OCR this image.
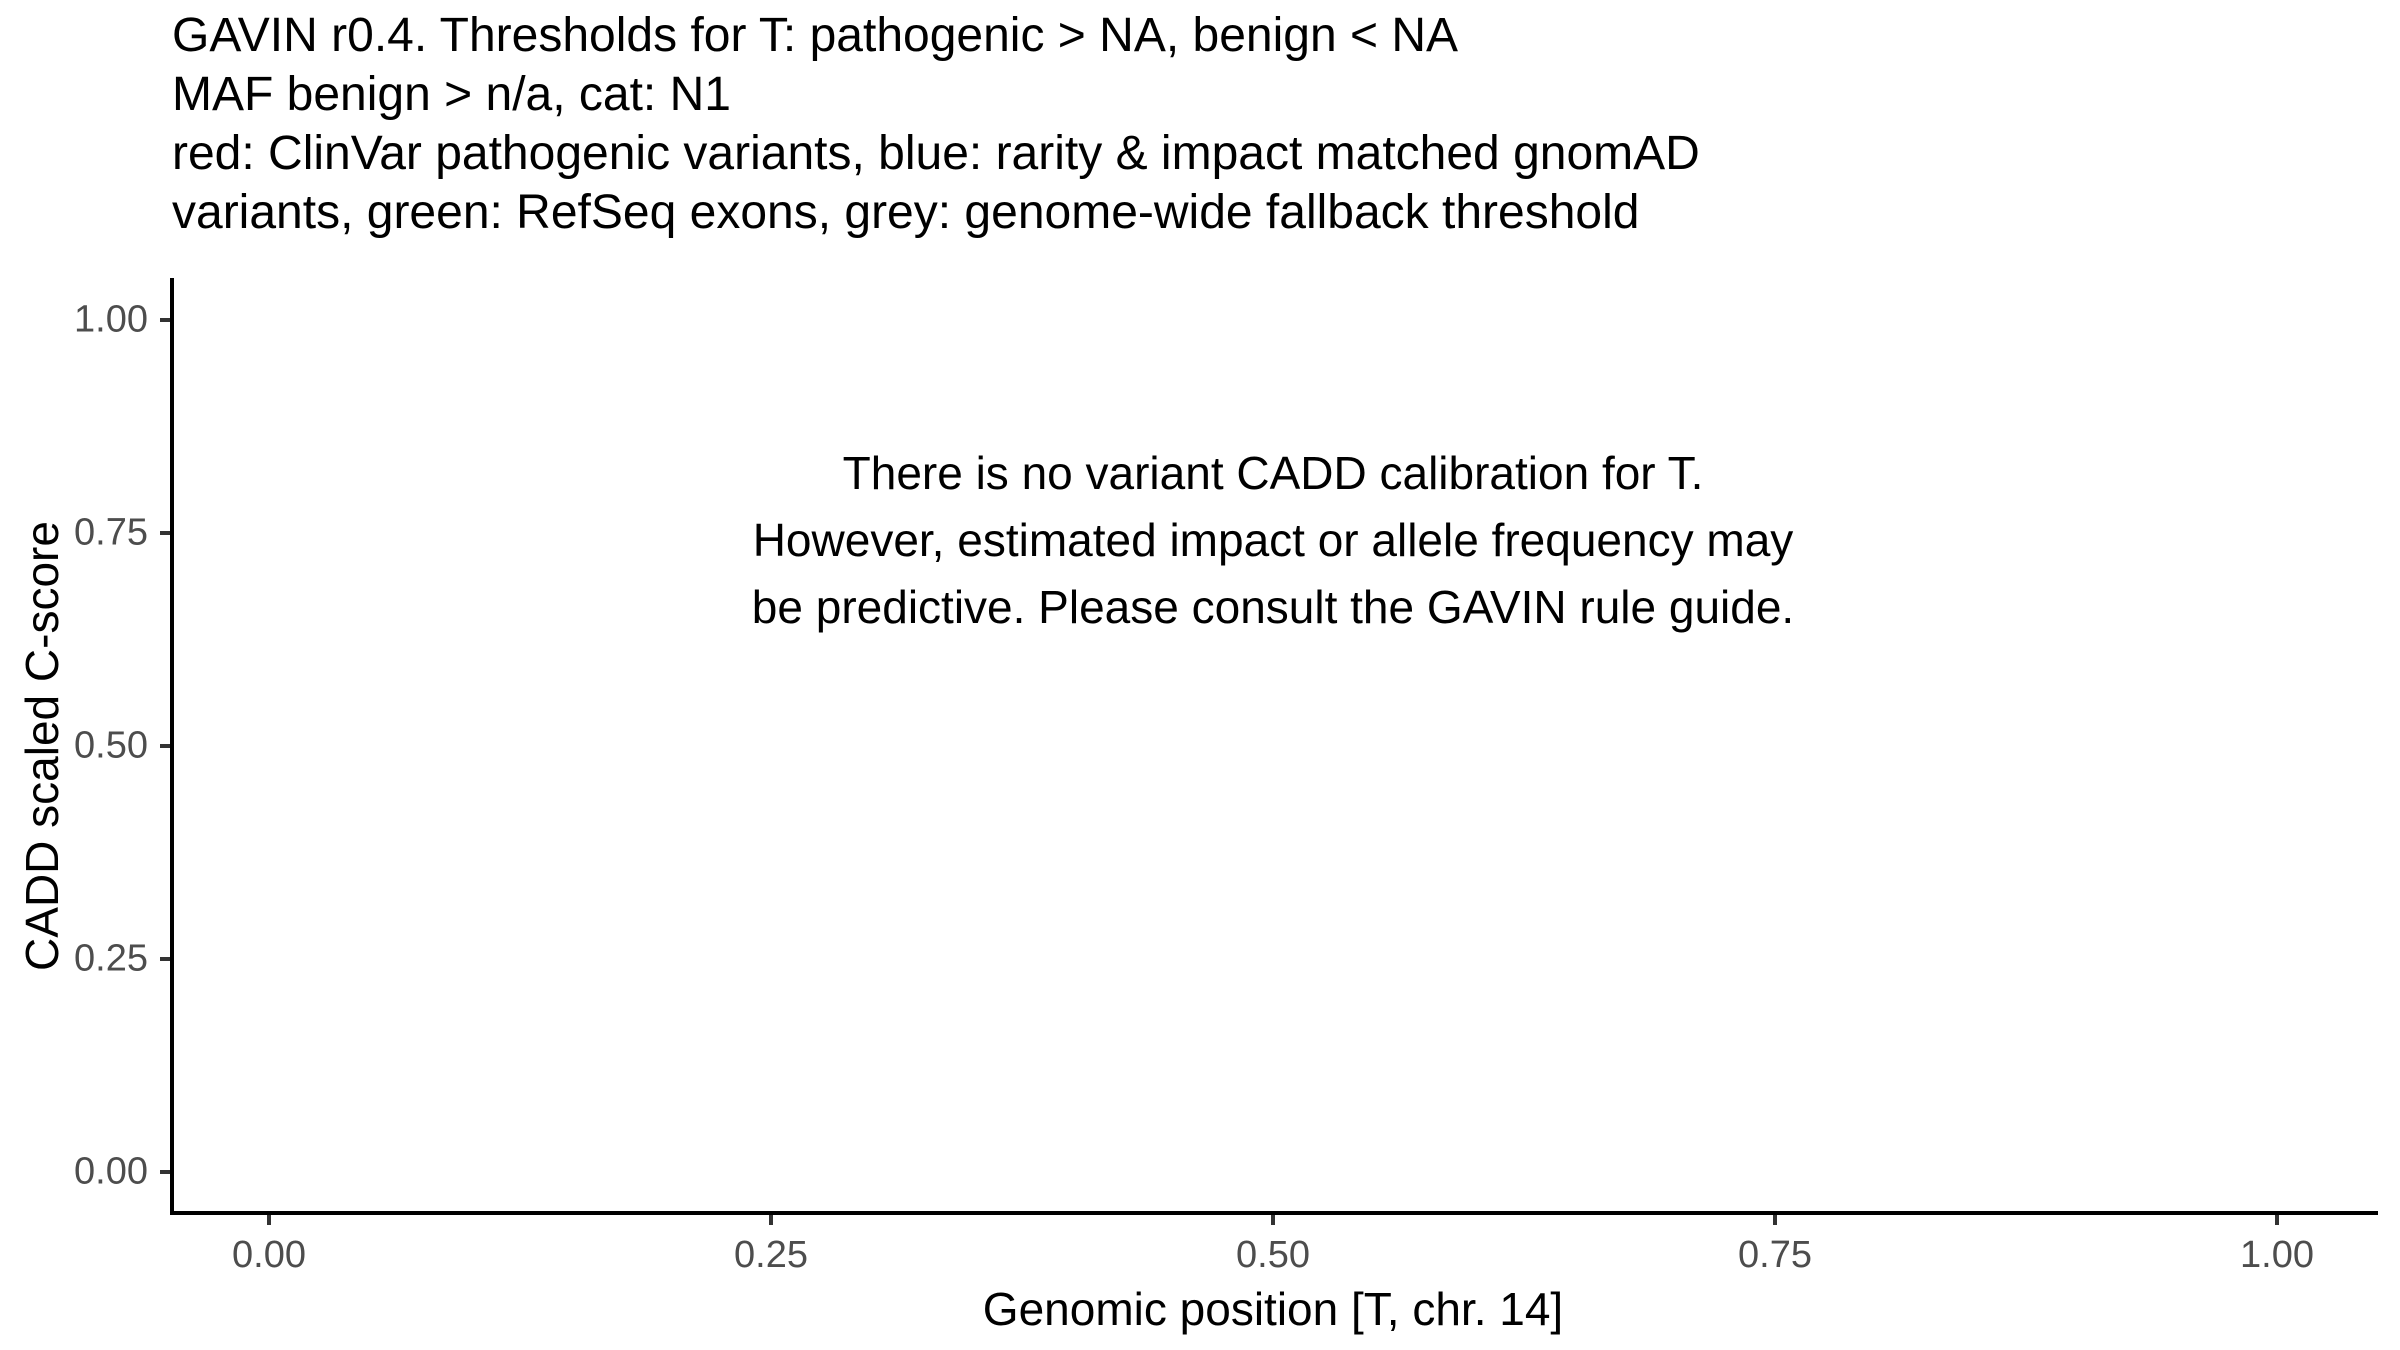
GAVIN r0.4. Thresholds for T: pathogenic > NA, benign < NA
MAF benign > n/a, cat: N1
red: ClinVar pathogenic variants, blue: rarity & impact matched gnomAD
variants, green: RefSeq exons, grey: genome-wide fallback threshold
There is no variant CADD calibration for T.
However, estimated impact or allele frequency may
be predictive. Please consult the GAVIN rule guide.
1.00
0.75
0.50
0.25
0.00
0.00	0.25	0.50	0.75	1.00
Genomic position [T, chr. 14]
CADD scaled C-score
